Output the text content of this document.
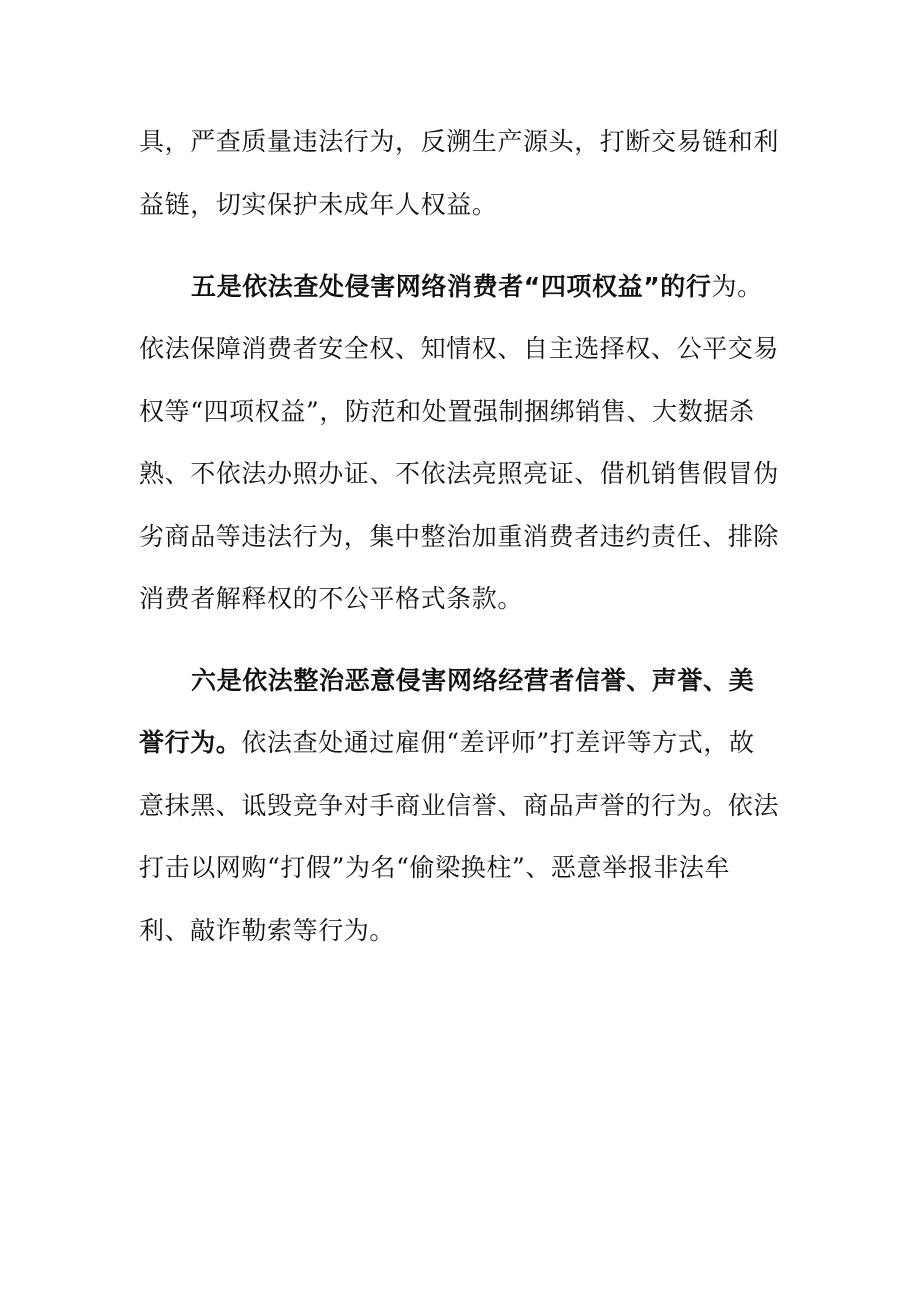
具，严查质量违法行为，反溯生产源头，打断交易链和利
益链，切实保护未成年人权益。
五是依法查处侵害网络消费者“四项权益”的行为。
依法保障消费者安全权、知情权、自主选择权、公平交易
权等“四项权益”，防范和处置强制捆绑销售、大数据杀
熟、不依法办照办证、不依法亮照亮证、借机销售假冒伪
劣商品等违法行为，集中整治加重消费者违约责任、排除
消费者解释权的不公平格式条款。
六是依法整治恶意侵害网络经营者信誉、声誉、美
誉行为。依法查处通过雇佣“差评师”打差评等方式，故
意抹黑、诋毁竞争对手商业信誉、商品声誉的行为。依法
打击以网购“打假”为名“偷梁换柱”、恶意举报非法牟
利、敲诈勒索等行为。
